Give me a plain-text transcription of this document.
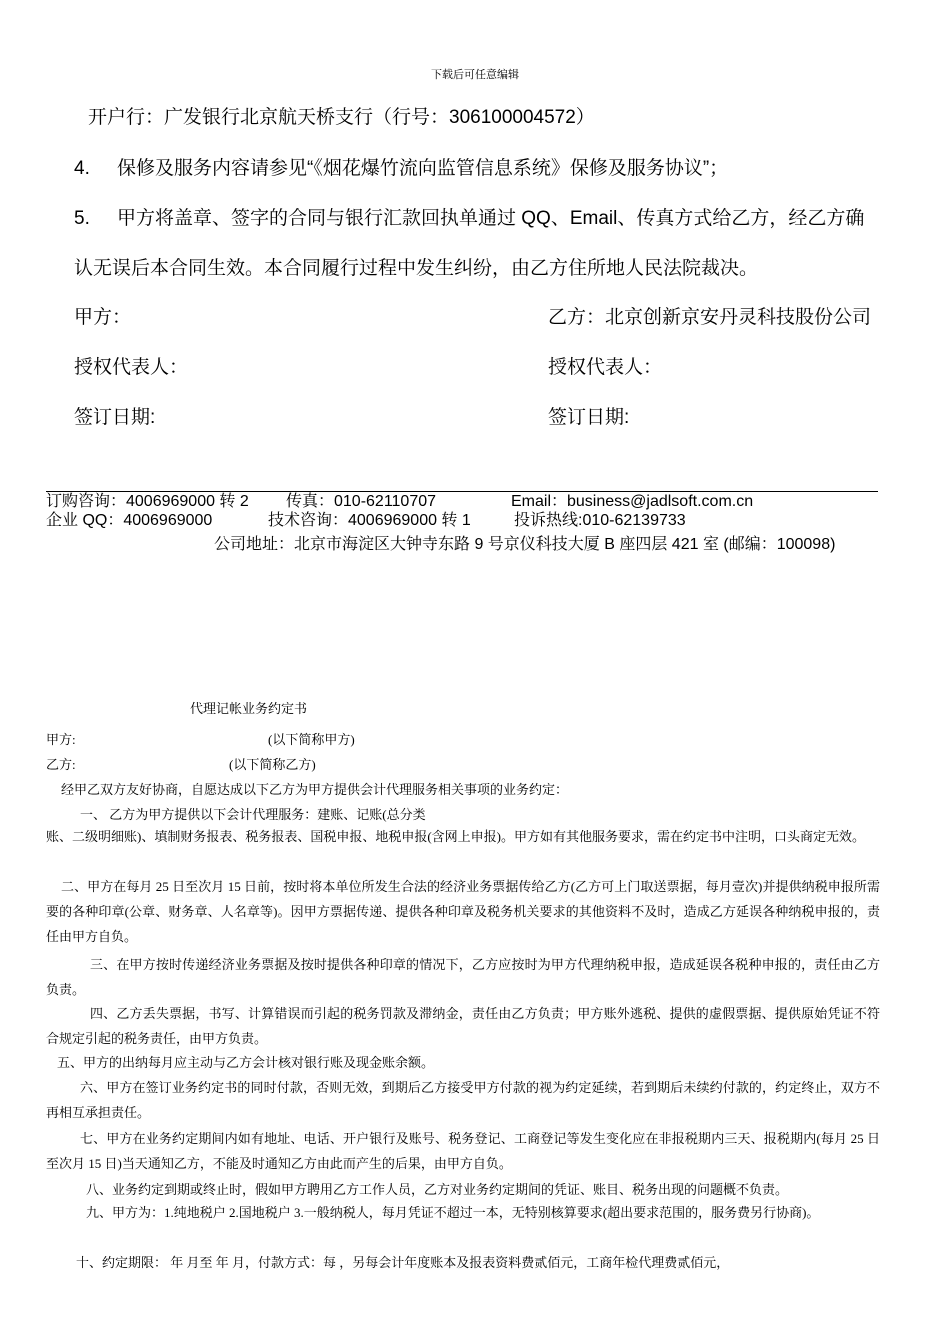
下载后可任意编辑
开户行：广发银行北京航天桥支行（行号：306100004572）
4. 保修及服务内容请参见“《烟花爆竹流向监管信息系统》保修及服务协议”；
5. 甲方将盖章、签字的合同与银行汇款回执单通过 QQ、Email、传真方式给乙方，经乙方确
认无误后本合同生效。本合同履行过程中发生纠纷，由乙方住所地人民法院裁决。
甲方：	乙方：北京创新京安丹灵科技股份公司
授权代表人：	授权代表人：
签订日期:	签订日期:
订购咨询：4006969000 转 2 传真：010-62110707	Email：business@jadlsoft.com.cn
企业 QQ：4006969000	技术咨询：4006969000 转 1	投诉热线:010-62139733
公司地址：北京市海淀区大钟寺东路 9 号京仪科技大厦 B 座四层 421 室 (邮编：100098)
代理记帐业务约定书
甲方:	(以下简称甲方)
乙方:	(以下简称乙方)
经甲乙双方友好协商，自愿达成以下乙方为甲方提供会计代理服务相关事项的业务约定：
一、 乙方为甲方提供以下会计代理服务：建账、记账(总分类
账、二级明细账)、填制财务报表、税务报表、国税申报、地税申报(含网上申报)。甲方如有其他服务要求，需在约定书中注明，口头商定无效。
二、甲方在每月 25 日至次月 15 日前，按时将本单位所发生合法的经济业务票据传给乙方(乙方可上门取送票据，每月壹次)并提供纳税申报所需要的各种印章(公章、财务章、人名章等)。因甲方票据传递、提供各种印章及税务机关要求的其他资料不及时，造成乙方延误各种纳税申报的，责任由甲方自负。
三、在甲方按时传递经济业务票据及按时提供各种印章的情况下，乙方应按时为甲方代理纳税申报，造成延误各税种申报的，责任由乙方负责。
四、乙方丢失票据，书写、计算错误而引起的税务罚款及滞纳金，责任由乙方负责；甲方账外逃税、提供的虚假票据、提供原始凭证不符合规定引起的税务责任，由甲方负责。
五、甲方的出纳每月应主动与乙方会计核对银行账及现金账余额。
六、甲方在签订业务约定书的同时付款，否则无效，到期后乙方接受甲方付款的视为约定延续，若到期后未续约付款的，约定终止，双方不再相互承担责任。
七、甲方在业务约定期间内如有地址、电话、开户银行及账号、税务登记、工商登记等发生变化应在非报税期内三天、报税期内(每月 25 日至次月 15 日)当天通知乙方，不能及时通知乙方由此而产生的后果，由甲方自负。
八、业务约定到期或终止时，假如甲方聘用乙方工作人员，乙方对业务约定期间的凭证、账目、税务出现的问题概不负责。
九、甲方为：1.纯地税户 2.国地税户 3.一般纳税人，每月凭证不超过一本，无特别核算要求(超出要求范围的，服务费另行协商)。
十、约定期限： 年 月至 年 月，付款方式：每 ，另每会计年度账本及报表资料费贰佰元，工商年检代理费贰佰元，
